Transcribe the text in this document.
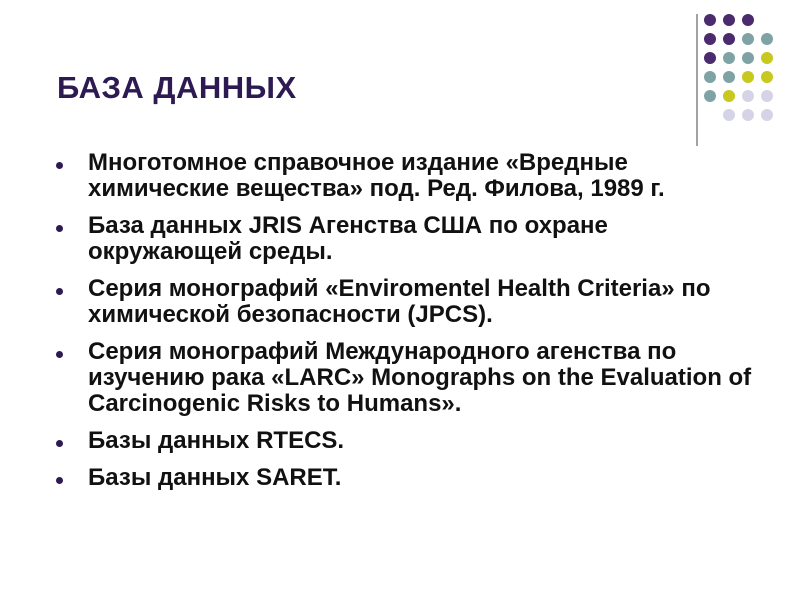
БАЗА ДАННЫХ
Многотомное справочное издание «Вредные химические вещества» под. Ред. Филова, 1989 г.
База данных JRIS Агенства США по охране окружающей среды.
Серия монографий «Enviromentel Health Criteria» по химической безопасности (JPCS).
Серия монографий Международного агенства по изучению рака «LARC» Monographs on the Evaluation of Carcinogenic Risks to Humans».
Базы данных RTECS.
Базы данных SARET.
